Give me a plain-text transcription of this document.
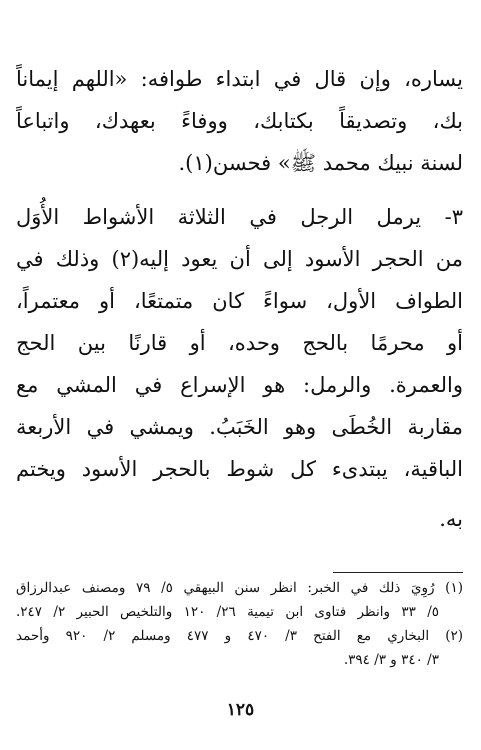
يساره، وإن قال في ابتداء طوافه: «اللهم إيماناً
بك، وتصديقاً بكتابك، ووفاءً بعهدك، واتباعاً
لسنة نبيك محمد ﷺ» فحسن(١).
٣- يرمل الرجل في الثلاثة الأشواط الأُوَل
من الحجر الأسود إلى أن يعود إليه(٢) وذلك في
الطواف الأول، سواءً كان متمتعًا، أو معتمراً،
أو محرمًا بالحج وحده، أو قارنًا بين الحج
والعمرة. والرمل: هو الإسراع في المشي مع
مقاربة الخُطَى وهو الخَبَبُ. ويمشي في الأربعة
الباقية، يبتدىء كل شوط بالحجر الأسود ويختم
به.
(١) رُوِيَ ذلك في الخبر: انظر سنن البيهقي ٥/ ٧٩ ومصنف عبدالرزاق
٥/ ٣٣ وانظر فتاوى ابن تيمية ٢٦/ ١٢٠ والتلخيص الحبير ٢/ ٢٤٧.
(٢) البخاري مع الفتح ٣/ ٤٧٠ و ٤٧٧ ومسلم ٢/ ٩٢٠ وأحمد
٣/ ٣٤٠ و ٣/ ٣٩٤.
١٢٥
